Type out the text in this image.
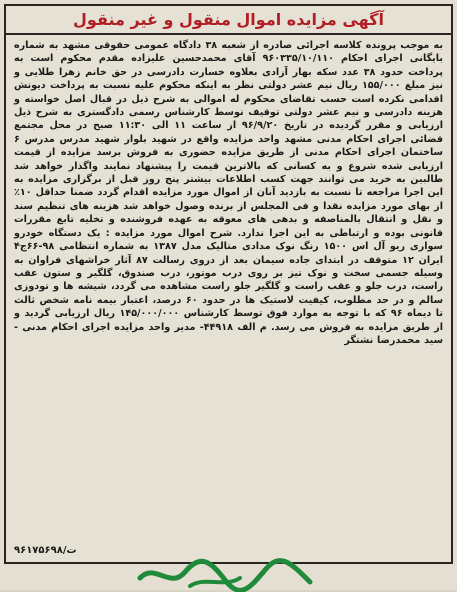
آگهی مزایده اموال منقول و غیر منقول
به موجب پرونده کلاسه اجرائی صادره از شعبه ۳۸ دادگاه عمومی حقوقی مشهد به شماره بایگانی اجرای احکام ۹۶۰۳۳۵/۱۰/۱۱۰ آقای محمدحسین علیزاده مقدم محکوم است به پرداخت حدود ۳۸ عدد سکه بهار آزادی بعلاوه خسارت دادرسی در حق خانم زهرا طلایی و نیز مبلغ ۱۵۵/۰۰۰ ریال نیم عشر دولتی نظر به اینکه محکوم علیه نسبت به پرداخت دیونش اقدامی نکرده است حسب تقاضای محکوم له اموالی به شرح ذیل در قبال اصل خواسته و هزینه دادرسی و نیم عشر دولتی توقیف توسط کارشناس رسمی دادگستری به شرح ذیل ارزیابی و مقرر گردیده در تاریخ ۹۶/۹/۲۰ از ساعت ۱۱ الی ۱۱:۳۰ صبح در محل مجتمع قضائی اجرای احکام مدنی مشهد واحد مزایده واقع در شهید بلوار شهید مدرس مدرس ۶ ساختمان اجرای احکام مدنی از طریق مزایده حضوری به فروش برسد مزایده از قیمت ارزیابی شده شروع و به کسانی که بالاترین قیمت را پیشنهاد نمایند واگذار خواهد شد طالبین به خرید می توانند جهت کسب اطلاعات بیشتر پنج روز قبل از برگزاری مزایده به این اجرا مراجعه تا نسبت به بازدید آنان از اموال مورد مزایده اقدام گردد ضمنا حداقل ۱۰٪ از بهای مورد مزایده نقدا و فی المجلس از برنده وصول خواهد شد هزینه های تنظیم سند و نقل و انتقال بالمناصفه و بدهی های معوقه به عهده فروشنده و تخلیه تابع مقررات قانونی بوده و ارتباطی به این اجرا ندارد. شرح اموال مورد مزایده : یک دستگاه خودرو سواری ریو آل اس ۱۵۰۰ رنگ نوک مدادی متالیک مدل ۱۳۸۷ به شماره انتظامی ۹۸-۶۶ج۴ ایران ۱۲ متوقف در ابتدای جاده سیمان بعد از دروی رسالت ۸۷ آثار خراشهای فراوان به وسیله جسمی سخت و نوک تیز بر روی درب موتور، درب صندوق، گلگیر و ستون عقب راست، درب جلو و عقب راست و گلگیر جلو راست مشاهده می گردد، شیشه ها و تودوزی سالم و در حد مطلوب، کیفیت لاستیک ها در حدود ۶۰ درصد، اعتبار بیمه نامه شخص ثالث تا دیماه ۹۶ که با توجه به موارد فوق توسط کارشناس ۱۴۵/۰۰۰/۰۰۰ ریال ارزیابی گردید و از طریق مزایده به فروش می رسد. م الف ۴۴۹۱۸- مدیر واحد مزایده اجرای احکام مدنی - سید محمدرضا نشتگر
۹۶۱۷۵۶۹۸/ت
